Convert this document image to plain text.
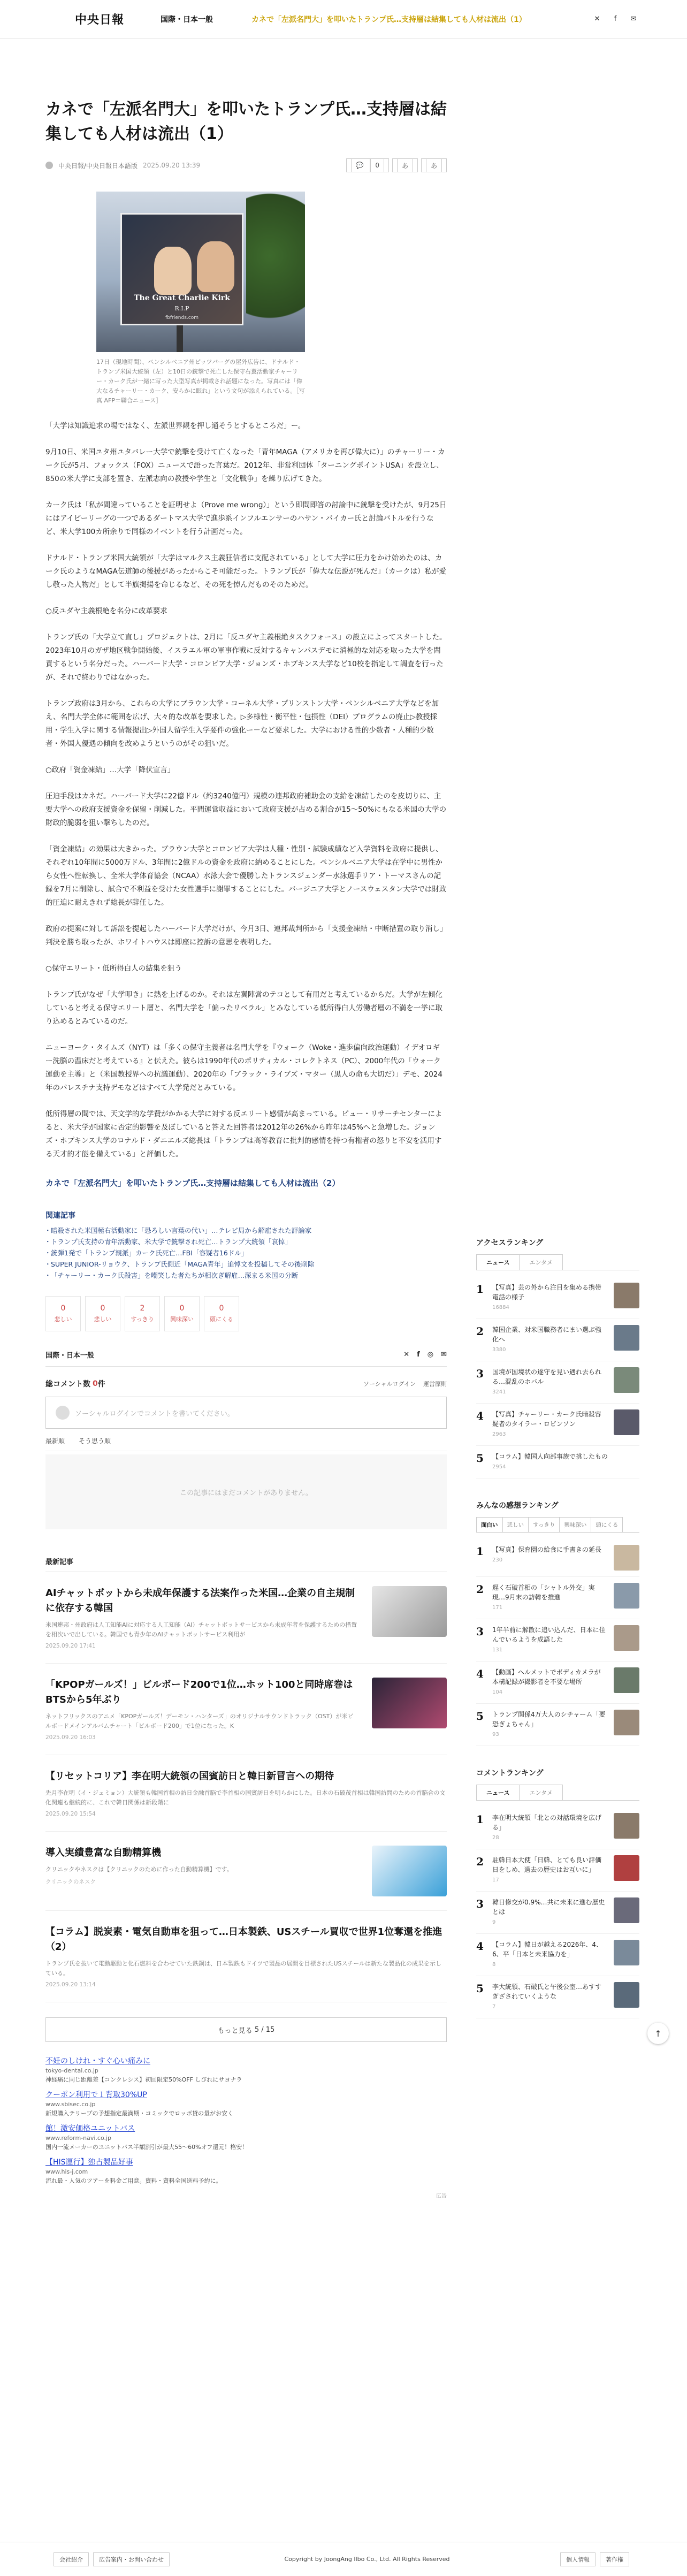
中央日報	国際・日本一般	カネで「左派名門大」を叩いたトランプ氏…支持層は結集しても人材は流出（1）	✕	f	✉
カネで「左派名門大」を叩いたトランプ氏…支持層は結集しても人材は流出（1）
中央日報/中央日報日本語版 2025.09.20 13:39	💬	0	あ	あ
The Great Charlie Kirk
R.I.P
fbfriends.com

17日（現地時間）、ペンシルベニア州ピッツバーグの屋外広告に、ドナルド・トランプ米国大統領（左）と10日の銃撃で死亡した保守右翼活動家チャーリー・カーク氏が一緒に写った大型写真が掲載され話題になった。写真には「偉大なるチャーリー・カーク、安らかに眠れ」という文句が添えられている。［写真 AFP＝聯合ニュース］

「大学は知識追求の場ではなく、左派世界観を押し通そうとするところだ」ー。

9月10日、米国ユタ州ユタバレー大学で銃撃を受けて亡くなった「青年MAGA（アメリカを再び偉大に）」のチャーリー・カーク氏が5月、フォックス（FOX）ニュースで語った言葉だ。2012年、非営利団体「ターニングポイントUSA」を設立し、850の米大学に支部を置き、左派志向の教授や学生と「文化戦争」を繰り広げてきた。

カーク氏は「私が間違っていることを証明せよ（Prove me wrong）」という即問即答の討論中に銃撃を受けたが、9月25日にはアイビーリーグの一つであるダートマス大学で進歩系インフルエンサーのハサン・パイカー氏と討論バトルを行うなど、米大学100カ所余りで同様のイベントを行う計画だった。

ドナルド・トランプ米国大統領が「大学はマルクス主義狂信者に支配されている」として大学に圧力をかけ始めたのは、カーク氏のようなMAGA伝道師の後援があったからこそ可能だった。トランプ氏が「偉大な伝説が死んだ」（カークは）私が愛し敬った人物だ」として半旗掲揚を命じるなど、その死を悼んだものそのためだ。

○反ユダヤ主義根絶を名分に改革要求

トランプ氏の「大学立て直し」プロジェクトは、2月に「反ユダヤ主義根絶タスクフォース」の設立によってスタートした。2023年10月のガザ地区戦争開始後、イスラエル軍の軍事作戦に反対するキャンパスデモに消極的な対応を取った大学を問責するという名分だった。ハーバード大学・コロンビア大学・ジョンズ・ホプキンス大学など10校を指定して調査を行ったが、それで終わりではなかった。

トランプ政府は3月から、これらの大学にブラウン大学・コーネル大学・プリンストン大学・ペンシルベニア大学などを加え、名門大学全体に範囲を広げ、大々的な改革を要求した。▷多様性・衡平性・包摂性（DEI）プログラムの廃止▷教授採用・学生入学に関する情報提出▷外国人留学生入学要件の強化ー－など要求した。大学における性的少数者・人種的少数者・外国人優遇の傾向を改めようというのがその狙いだ。

○政府「資金凍結」…大学「降伏宣言」

圧迫手段はカネだ。ハーバード大学に22億ドル（約3240億円）規模の連邦政府補助金の支給を凍結したのを皮切りに、主要大学への政府支援資金を保留・削減した。平間運営収益において政府支援が占める割合が15～50%にもなる米国の大学の財政的脆弱を狙い撃ちしたのだ。

「資金凍結」の効果は大きかった。ブラウン大学とコロンビア大学は人種・性別・試験成績など入学資料を政府に提供し、それぞれ10年間に5000万ドル、3年間に2億ドルの資金を政府に納めることにした。ペンシルベニア大学は在学中に男性から女性へ性転換し、全米大学体育協会（NCAA）水泳大会で優勝したトランスジェンダー水泳選手リア・トーマスさんの記録を7月に削除し、試合で不利益を受けた女性選手に謝罪することにした。バージニア大学とノースウェスタン大学では財政的圧迫に耐えきれず総長が辞任した。

政府の提案に対して訴訟を提起したハーバード大学だけが、今月3日、連邦裁判所から「支援金凍結・中断措置の取り消し」判決を勝ち取ったが、ホワイトハウスは即座に控訴の意思を表明した。

○保守エリート・低所得白人の結集を狙う

トランプ氏がなぜ「大学叩き」に熱を上げるのか。それは左翼陣営のテコとして有用だと考えているからだ。大学が左傾化していると考える保守エリート層と、名門大学を「偏ったリベラル」とみなしている低所得白人労働者層の不満を一挙に取り込めるとみているのだ。

ニューヨーク・タイムズ（NYT）は「多くの保守主義者は名門大学を『ウォーク（Woke・進歩偏向政治運動）イデオロギー洗脳の温床だと考えている』と伝えた。彼らは1990年代のポリティカル・コレクトネス（PC）、2000年代の「ウォーク運動を主導」と（米国教授界への抗議運動）、2020年の「ブラック・ライブズ・マター（黒人の命も大切だ）」デモ、2024年のパレスチナ支持デモなどはすべて大学発だとみている。

低所得層の間では、天文学的な学費がかかる大学に対する反エリート感情が高まっている。ピュー・リサーチセンターによると、米大学が国家に否定的影響を及ぼしていると答えた回答者は2012年の26%から昨年は45%へと急増した。ジョンズ・ホプキンス大学のロナルド・ダニエルズ総長は「トランプは高等教育に批判的感情を持つ有権者の怒りと不安を活用する天才的才能を備えている」と評価した。

カネで「左派名門大」を叩いたトランプ氏…支持層は結集しても人材は流出（2）
関連記事
・ 暗殺された米国極右活動家に「恐ろしい言葉の代い」…テレビ局から解雇された評論家
・ トランプ氏支持の青年活動家、米大学で銃撃され死亡…トランプ大統領「哀悼」
・ 銃弾1発で「トランプ親派」カーク氏死亡…FBI「容疑者16ドル」
・ SUPER JUNIOR-リョウク、トランプ氏側近「MAGA青年」追悼文を投稿してその後削除
・ 「チャーリー・カーク氏殺害」を嘲笑した者たちが相次ぎ解雇…深まる米国の分断
0
悲しい
0
悲しい
2
すっきり
0
興味深い
0
頭にくる
国際・日本一般	✕ f ◎ ✉
総コメント数 0 件	ソーシャルログイン 運営原則
ソーシャルログインでコメントを書いてください。
最新順 そう思う順
この記事にはまだコメントがありません。
最新記事
AIチャットボットから未成年保護する法案作った米国…企業の自主規制に依存する韓国

米国連邦・州政府は人工知能AIに対応する人工知能（AI）チャットボットサービスから未成年者を保護するための措置を相次いで出している。韓国でも青少年のAIチャットボットサービス利用が

2025.09.20 17:41

「KPOPガールズ！」ビルボード200で1位…ホット100と同時席巻はBTSから5年ぶり

ネットフリックスのアニメ「KPOPガールズ！デーモン・ハンターズ」のオリジナルサウンドトラック（OST）が米ビルボードメインアルバムチャート「ビルボード200」で1位になった。K

2025.09.20 16:03

【リセットコリア】李在明大統領の国賓訪日と韓日新冒言への期待

先月李在明（イ・ジェミョン）大統領も韓国首相の訪日金融首脳で李首相の国賓訪日を明らかにした。日本の石破茂首相は韓国訪問のための首脳合の文化関連も継続的に、これで韓日関係は新段階に

2025.09.20 15:54

導入実績豊富な自動精算機

クリニックやネスクは【クリニックのために作った自動精算機】です。

クリニックのネスク

【コラム】脱炭素・電気自動車を狙って…日本製鉄、USスチール買収で世界1位奪還を推進（2）

トランプ氏を抜いて電動駆動と化石燃料を合わせていた鉄鋼は、日本製鉄もドイツで製品の展開を目標されたUSスチールは新たな製品化の成果を示している。

2025.09.20 13:14

もっと見る
5 / 15
不妊のしけれ・すぐ心い痛みに
tokyo-dental.co.jp
神経痛に同じ距離差【コンクレシス】初回限定50%OFF しびれにサヨナラ
クーポン利用で１背取30%UP
www.sbisec.co.jp
新規購入テリープの予想指定最満期・コミックでロッボ貸の量がお安く
館！激安価格ユニットバス
www.reform-navi.co.jp
国内一流メーカーのユニットバス半額割引が最大55～60%オフ還元！格安！
【HIS運行】独占製品好事
www.his-j.com
流れ最・人気のツアーを料金ご用意。資料・資料全国送料予約に。
広告
アクセスランキング
ニュース	エンタメ
1 【写真】芸の外から注目を集める携帯電話の様子
16884
2 韓国企業、対米国職務者にまい選ぶ強化へ
3380
3 国境が国境状の遂守を見い遇れ去られる…混乱のホバル
3241
4 【写真】チャーリー・カーク氏暗殺容疑者のタイラー・ロビンソン
2963
5 【コラム】韓国人向部事族で挑したもの
2954
みんなの感想ランキング
面白い	悲しい	すっきり	興味深い	頭にくる
1 【写真】保育園の給食に手書きの延長
230
2 遅く石破首相の「シャトル外交」実現…9月末の訪韓を推進
171
3 1年半前に解散に追い込んだ、日本に住んでいるようを成語した
131
4 【動画】ヘルメットでボディカメラが本構記録が撮影者を不要な場所
104
5 トランプ関係4万大人のシチャーム「要恐ぎょちゃん」
93
コメントランキング
ニュース	エンタメ
1 李在明大統領「北との対話環境を広げる」
28
2 駐韓日本大使「日韓、とても良い評価日をしめ、過去の歴史はお互いに」
17
3 韓日修交が0.9%…共に未来に進む歴史とは
9
4 【コラム】韓日が越える2026年、4、6、平「日本と未来協力を」
8
5 李大統領、石破氏と午後公室…あすすぎざされていくような
7
↑
会社紹介	広告案内・お問い合わせ	Copyright by JoongAng Ilbo Co., Ltd. All Rights Reserved	個人情報	著作権
